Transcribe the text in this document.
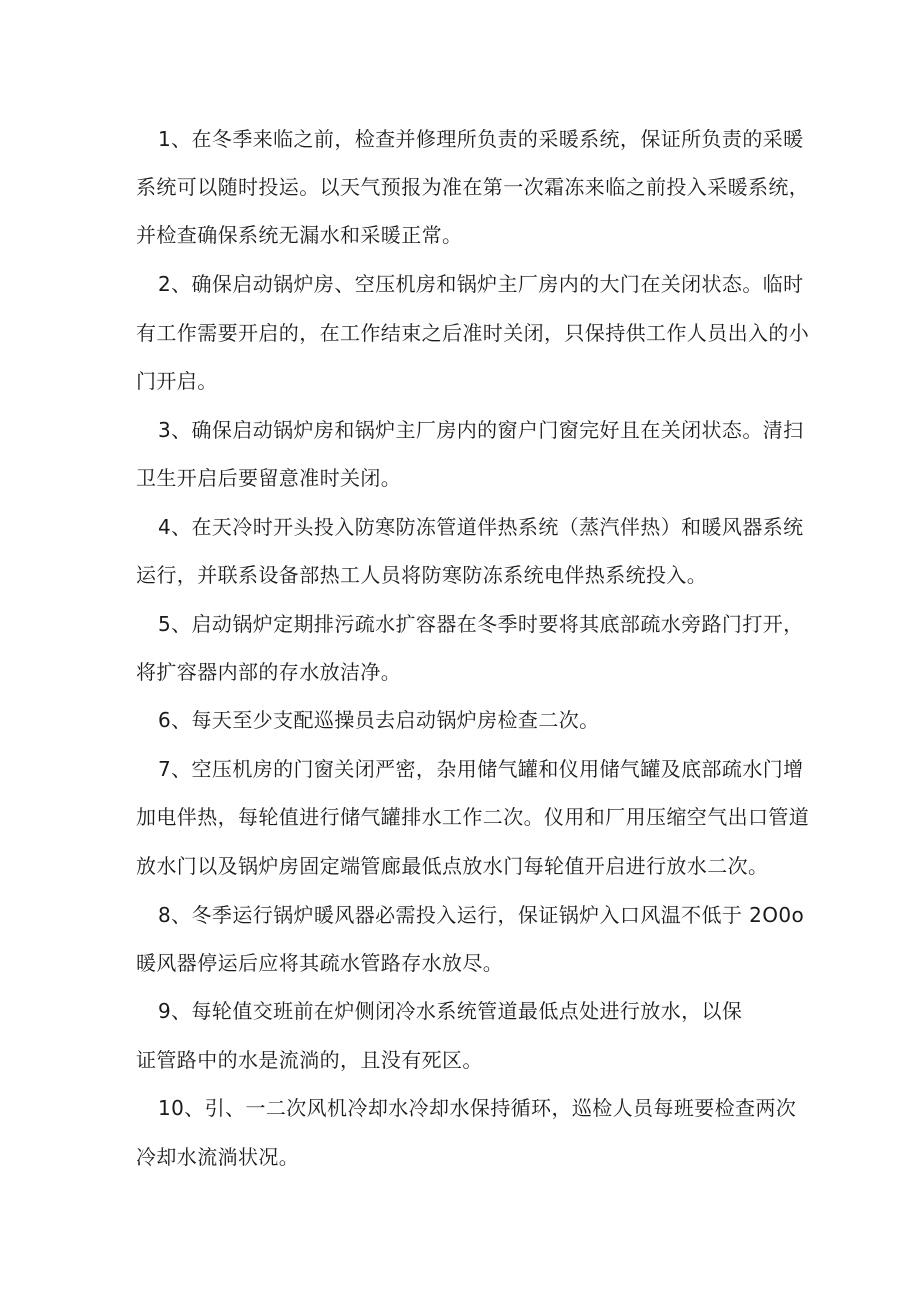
1、在冬季来临之前，检查并修理所负责的采暖系统，保证所负责的采暖
系统可以随时投运。以天气预报为准在第一次霜冻来临之前投入采暖系统，
并检查确保系统无漏水和采暖正常。
2、确保启动锅炉房、空压机房和锅炉主厂房内的大门在关闭状态。临时
有工作需要开启的，在工作结束之后准时关闭，只保持供工作人员出入的小
门开启。
3、确保启动锅炉房和锅炉主厂房内的窗户门窗完好且在关闭状态。清扫
卫生开启后要留意准时关闭。
4、在天冷时开头投入防寒防冻管道伴热系统（蒸汽伴热）和暖风器系统
运行，并联系设备部热工人员将防寒防冻系统电伴热系统投入。
5、启动锅炉定期排污疏水扩容器在冬季时要将其底部疏水旁路门打开，
将扩容器内部的存水放洁净。
6、每天至少支配巡操员去启动锅炉房检查二次。
7、空压机房的门窗关闭严密，杂用储气罐和仪用储气罐及底部疏水门增
加电伴热，每轮值进行储气罐排水工作二次。仪用和厂用压缩空气出口管道
放水门以及锅炉房固定端管廊最低点放水门每轮值开启进行放水二次。
8、冬季运行锅炉暖风器必需投入运行，保证锅炉入口风温不低于 2O0o
暖风器停运后应将其疏水管路存水放尽。
9、每轮值交班前在炉侧闭冷水系统管道最低点处进行放水，以保
证管路中的水是流淌的，且没有死区。
10、引、一二次风机冷却水冷却水保持循环，巡检人员每班要检查两次
冷却水流淌状况。
